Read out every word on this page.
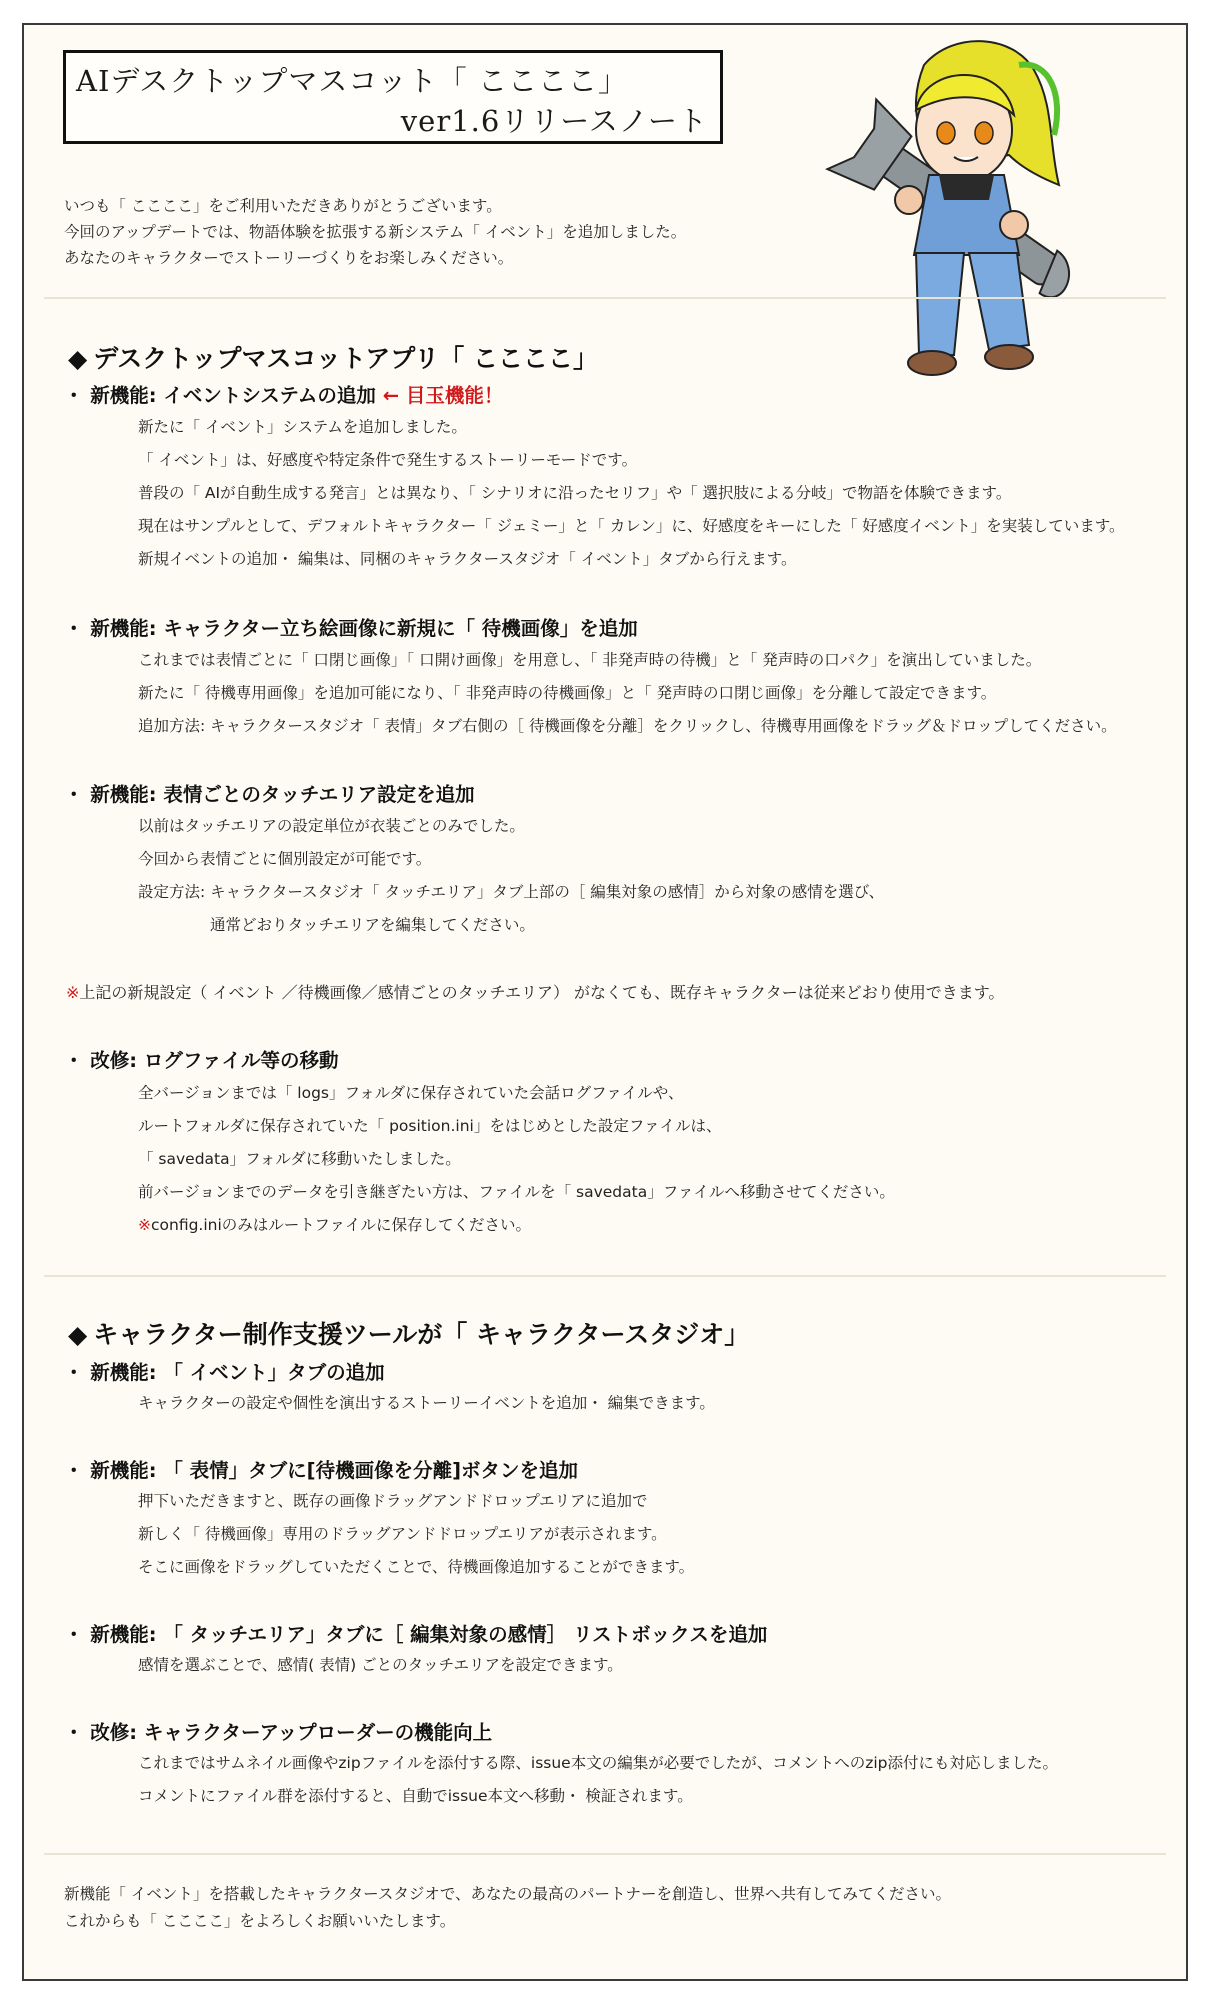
AIデスクトップマスコット「 ここここ」
ver1.6リリースノート
いつも「 ここここ」をご利用いただきありがとうございます。
今回のアップデートでは、物語体験を拡張する新システム「 イベント」を追加しました。
あなたのキャラクターでストーリーづくりをお楽しみください。
◆ デスクトップマスコットアプリ「 ここここ」
・ 新機能: イベントシステムの追加 ← 目玉機能！
新たに「 イベント」システムを追加しました。
「 イベント」は、好感度や特定条件で発生するストーリーモードです。
普段の「 AIが自動生成する発言」とは異なり、「 シナリオに沿ったセリフ」や「 選択肢による分岐」で物語を体験できます。
現在はサンプルとして、デフォルトキャラクター「 ジェミー」と「 カレン」に、好感度をキーにした「 好感度イベント」を実装しています。
新規イベントの追加・ 編集は、同梱のキャラクタースタジオ「 イベント」タブから行えます。
・ 新機能: キャラクター立ち絵画像に新規に「 待機画像」を追加
これまでは表情ごとに「 口閉じ画像」「 口開け画像」を用意し、「 非発声時の待機」と「 発声時の口パク」を演出していました。
新たに「 待機専用画像」を追加可能になり、「 非発声時の待機画像」と「 発声時の口閉じ画像」を分離して設定できます。
追加方法: キャラクタースタジオ「 表情」タブ右側の［ 待機画像を分離］をクリックし、待機専用画像をドラッグ＆ドロップしてください。
・ 新機能: 表情ごとのタッチエリア設定を追加
以前はタッチエリアの設定単位が衣装ごとのみでした。
今回から表情ごとに個別設定が可能です。
設定方法: キャラクタースタジオ「 タッチエリア」タブ上部の［ 編集対象の感情］から対象の感情を選び、
通常どおりタッチエリアを編集してください。
※上記の新規設定（ イベント ／待機画像／感情ごとのタッチエリア） がなくても、既存キャラクターは従来どおり使用できます。
・ 改修: ログファイル等の移動
全バージョンまでは「 logs」フォルダに保存されていた会話ログファイルや、
ルートフォルダに保存されていた「 position.ini」をはじめとした設定ファイルは、
「 savedata」フォルダに移動いたしました。
前バージョンまでのデータを引き継ぎたい方は、ファイルを「 savedata」ファイルへ移動させてください。
※config.iniのみはルートファイルに保存してください。
◆ キャラクター制作支援ツールが「 キャラクタースタジオ」
・ 新機能: 「 イベント」タブの追加
キャラクターの設定や個性を演出するストーリーイベントを追加・ 編集できます。
・ 新機能: 「 表情」タブに[待機画像を分離]ボタンを追加
押下いただきますと、既存の画像ドラッグアンドドロップエリアに追加で
新しく「 待機画像」専用のドラッグアンドドロップエリアが表示されます。
そこに画像をドラッグしていただくことで、待機画像追加することができます。
・ 新機能: 「 タッチエリア」タブに［ 編集対象の感情］ リストボックスを追加
感情を選ぶことで、感情( 表情) ごとのタッチエリアを設定できます。
・ 改修: キャラクターアップローダーの機能向上
これまではサムネイル画像やzipファイルを添付する際、issue本文の編集が必要でしたが、コメントへのzip添付にも対応しました。
コメントにファイル群を添付すると、自動でissue本文へ移動・ 検証されます。
新機能「 イベント」を搭載したキャラクタースタジオで、あなたの最高のパートナーを創造し、世界へ共有してみてください。
これからも「 ここここ」をよろしくお願いいたします。
